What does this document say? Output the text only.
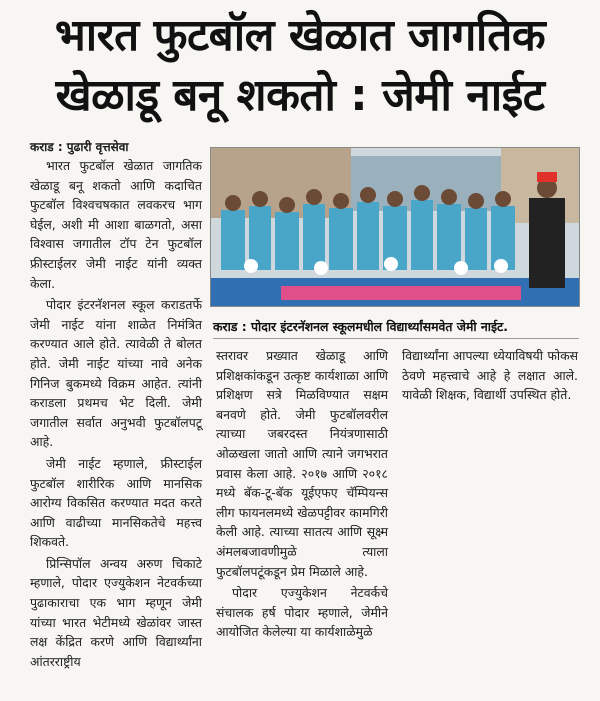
भारत फुटबॉल खेळात जागतिक
खेळाडू बनू शकतो : जेमी नाईट
कराड : पुढारी वृत्तसेवा

भारत फुटबॉल खेळात जागतिक खेळाडू बनू शकतो आणि कदाचित फुटबॉल विश्वचषकात लवकरच भाग घेईल, अशी मी आशा बाळगतो, असा विश्वास जगातील टॉप टेन फुटबॉल फ्रीस्टाईलर जेमी नाईट यांनी व्यक्त केला.

पोदार इंटरनॅशनल स्कूल कराडतर्फे जेमी नाईट यांना शाळेत निमंत्रित करण्यात आले होते. त्यावेळी ते बोलत होते. जेमी नाईट यांच्या नावे अनेक गिनिज बुकमध्ये विक्रम आहेत. त्यांनी कराडला प्रथमच भेट दिली. जेमी जगातील सर्वात अनुभवी फुटबॉलपटू आहे.

जेमी नाईट म्हणाले, फ्रीस्टाईल फुटबॉल शारीरिक आणि मानसिक आरोग्य विकसित करण्यात मदत करते आणि वाढीच्या मानसिकतेचे महत्त्व शिकवते.

प्रिन्सिपॉल अन्वय अरुण चिकाटे म्हणाले, पोदार एज्युकेशन नेटवर्कच्या पुढाकाराचा एक भाग म्हणून जेमी यांच्या भारत भेटीमध्ये खेळांवर जास्त लक्ष केंद्रित करणे आणि विद्यार्थ्यांना आंतरराष्ट्रीय

कराड : पोदार इंटरनॅशनल स्कूलमधील विद्यार्थ्यांसमवेत जेमी नाईट.

स्तरावर प्रख्यात खेळाडू आणि प्रशिक्षकांकडून उत्कृष्ट कार्यशाळा आणि प्रशिक्षण सत्रे मिळविण्यात सक्षम बनवणे होते. जेमी फुटबॉलवरील त्याच्या जबरदस्त नियंत्रणासाठी ओळखला जातो आणि त्याने जगभरात प्रवास केला आहे. २०१७ आणि २०१८ मध्ये बॅक-टू-बॅक यूईएफए चॅम्पियन्स लीग फायनलमध्ये खेळपट्टीवर कामगिरी केली आहे. त्याच्या सातत्य आणि सूक्ष्म अंमलबजावणीमुळे त्याला फुटबॉलपटूंकडून प्रेम मिळाले आहे.

पोदार एज्युकेशन नेटवर्कचे संचालक हर्ष पोदार म्हणाले, जेमीने आयोजित केलेल्या या कार्यशाळेमुळे

विद्यार्थ्यांना आपल्या ध्येयाविषयी फोकस ठेवणे महत्त्वाचे आहे हे लक्षात आले. यावेळी शिक्षक, विद्यार्थी उपस्थित होते.
